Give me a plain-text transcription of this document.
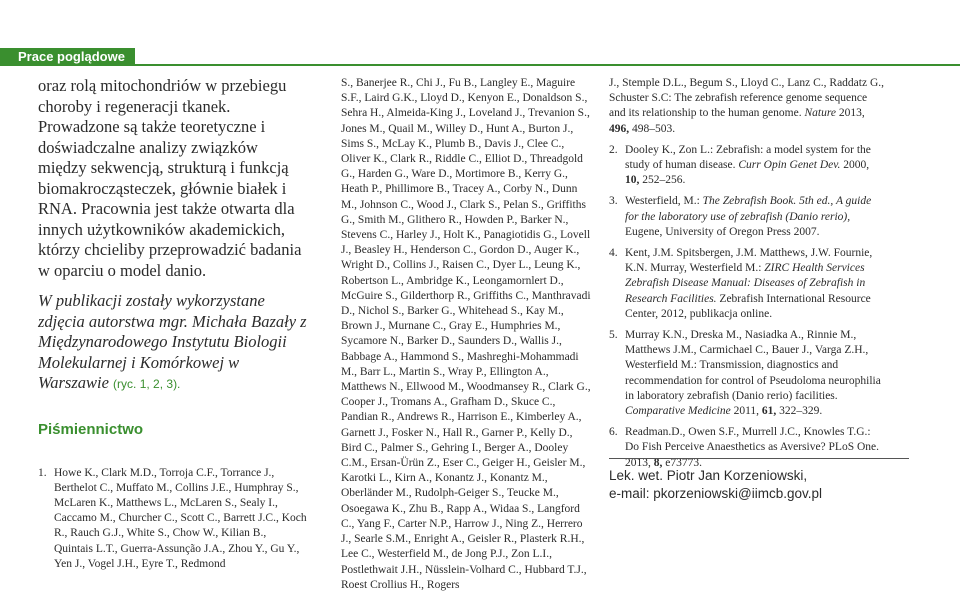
Prace poglądowe

oraz rolą mitochondriów w przebiegu choroby i regeneracji tkanek. Prowadzone są także teoretyczne i doświadczalne analizy związków między sekwencją, strukturą i funkcją biomakrocząsteczek, głównie białek i RNA. Pracownia jest także otwarta dla innych użytkowników akademickich, którzy chcieliby przeprowadzić badania w oparciu o model danio.

W publikacji zostały wykorzystane zdjęcia autorstwa mgr. Michała Bazały z Międzynarodowego Instytutu Biologii Molekularnej i Komórkowej w Warszawie (ryc. 1, 2, 3).

Piśmiennictwo

1. Howe K., Clark M.D., Torroja C.F., Torrance J., Berthelot C., Muffato M., Collins J.E., Humphray S., McLaren K., Matthews L., McLaren S., Sealy I., Caccamo M., Churcher C., Scott C., Barrett J.C., Koch R., Rauch G.J., White S., Chow W., Kilian B., Quintais L.T., Guerra-Assunção J.A., Zhou Y., Gu Y., Yen J., Vogel J.H., Eyre T., Redmond

S., Banerjee R., Chi J., Fu B., Langley E., Maguire S.F., Laird G.K., Lloyd D., Kenyon E., Donaldson S., Sehra H., Almeida-King J., Loveland J., Trevanion S., Jones M., Quail M., Willey D., Hunt A., Burton J., Sims S., McLay K., Plumb B., Davis J., Clee C., Oliver K., Clark R., Riddle C., Elliot D., Threadgold G., Harden G., Ware D., Mortimore B., Kerry G., Heath P., Phillimore B., Tracey A., Corby N., Dunn M., Johnson C., Wood J., Clark S., Pelan S., Griffiths G., Smith M., Glithero R., Howden P., Barker N., Stevens C., Harley J., Holt K., Panagiotidis G., Lovell J., Beasley H., Henderson C., Gordon D., Auger K., Wright D., Collins J., Raisen C., Dyer L., Leung K., Robertson L., Ambridge K., Leongamornlert D., McGuire S., Gilderthorp R., Griffiths C., Manthravadi D., Nichol S., Barker G., Whitehead S., Kay M., Brown J., Murnane C., Gray E., Humphries M., Sycamore N., Barker D., Saunders D., Wallis J., Babbage A., Hammond S., Mashreghi-Mohammadi M., Barr L., Martin S., Wray P., Ellington A., Matthews N., Ellwood M., Woodmansey R., Clark G., Cooper J., Tromans A., Grafham D., Skuce C., Pandian R., Andrews R., Harrison E., Kimberley A., Garnett J., Fosker N., Hall R., Garner P., Kelly D., Bird C., Palmer S., Gehring I., Berger A., Dooley C.M., Ersan-Ürün Z., Eser C., Geiger H., Geisler M., Karotki L., Kirn A., Konantz J., Konantz M., Oberländer M., Rudolph-Geiger S., Teucke M., Osoegawa K., Zhu B., Rapp A., Widaa S., Langford C., Yang F., Carter N.P., Harrow J., Ning Z., Herrero J., Searle S.M., Enright A., Geisler R., Plasterk R.H., Lee C., Westerfield M., de Jong P.J., Zon L.I., Postlethwait J.H., Nüsslein-Volhard C., Hubbard T.J., Roest Crollius H., Rogers

J., Stemple D.L., Begum S., Lloyd C., Lanz C., Raddatz G., Schuster S.C: The zebrafish reference genome sequence and its relationship to the human genome. Nature 2013, 496, 498–503.

2. Dooley K., Zon L.: Zebrafish: a model system for the study of human disease. Curr Opin Genet Dev. 2000, 10, 252–256.

3. Westerfield, M.: The Zebrafish Book. 5th ed., A guide for the laboratory use of zebrafish (Danio rerio), Eugene, University of Oregon Press 2007.

4. Kent, J.M. Spitsbergen, J.M. Matthews, J.W. Fournie, K.N. Murray, Westerfield M.: ZIRC Health Services Zebrafish Disease Manual: Diseases of Zebrafish in Research Facilities. Zebrafish International Resource Center, 2012, publikacja online.

5. Murray K.N., Dreska M., Nasiadka A., Rinnie M., Matthews J.M., Carmichael C., Bauer J., Varga Z.H., Westerfield M.: Transmission, diagnostics and recommendation for control of Pseudoloma neurophilia in laboratory zebrafish (Danio rerio) facilities. Comparative Medicine 2011, 61, 322–329.

6. Readman.D., Owen S.F., Murrell J.C., Knowles T.G.: Do Fish Perceive Anaesthetics as Aversive? PLoS One. 2013, 8, e73773.

Lek. wet. Piotr Jan Korzeniowski,
e-mail: pkorzeniowski@iimcb.gov.pl
